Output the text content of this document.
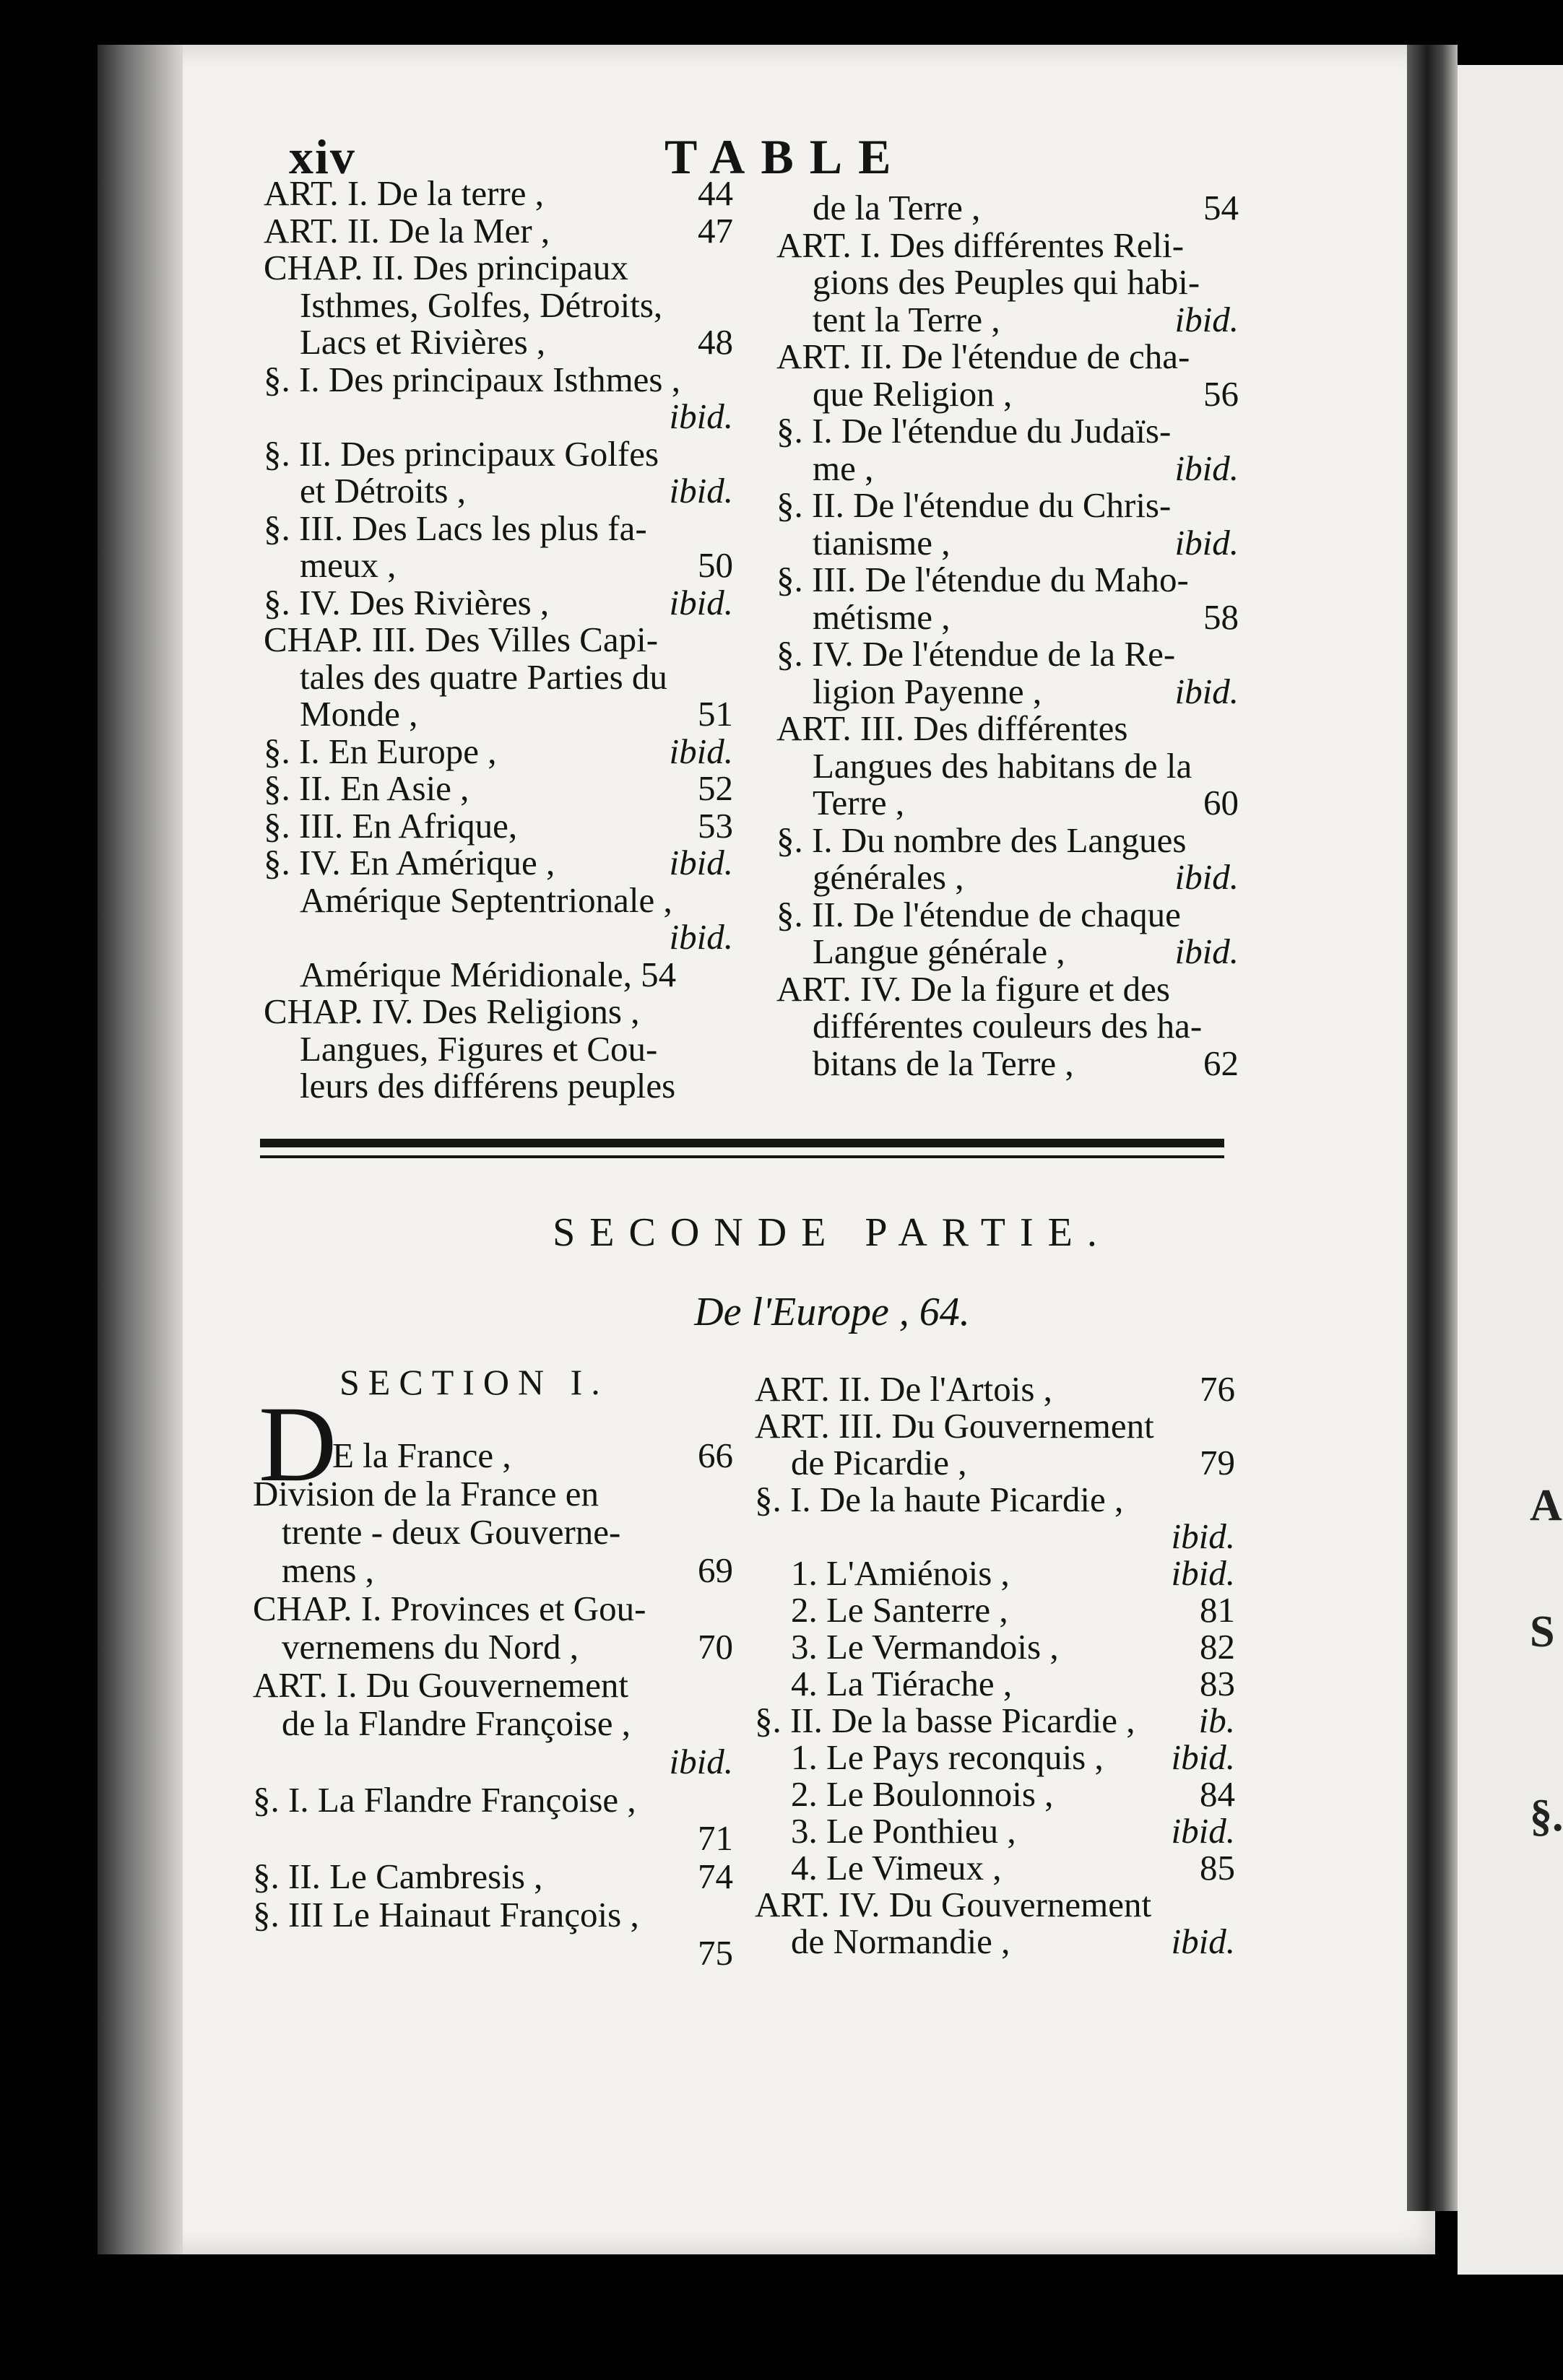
A
S
§.
xiv	TABLE
ART. I. De la terre ,	44
ART. II. De la Mer ,	47
CHAP. II. Des principaux
Isthmes, Golfes, Détroits,
Lacs et Rivières ,	48
§. I. Des principaux Isthmes ,
ibid.
§. II. Des principaux Golfes
et Détroits ,	ibid.
§. III. Des Lacs les plus fa-
meux ,	50
§. IV. Des Rivières ,	ibid.
CHAP. III. Des Villes Capi-
tales des quatre Parties du
Monde ,	51
§. I. En Europe ,	ibid.
§. II. En Asie ,	52
§. III. En Afrique,	53
§. IV. En Amérique ,	ibid.
Amérique Septentrionale ,
ibid.
Amérique Méridionale, 54
CHAP. IV. Des Religions ,
Langues, Figures et Cou-
leurs des différens peuples
de la Terre ,	54
ART. I. Des différentes Reli-
gions des Peuples qui habi-
tent la Terre ,	ibid.
ART. II. De l'étendue de cha-
que Religion ,	56
§. I. De l'étendue du Judaïs-
me ,	ibid.
§. II. De l'étendue du Chris-
tianisme ,	ibid.
§. III. De l'étendue du Maho-
métisme ,	58
§. IV. De l'étendue de la Re-
ligion Payenne ,	ibid.
ART. III. Des différentes
Langues des habitans de la
Terre ,	60
§. I. Du nombre des Langues
générales ,	ibid.
§. II. De l'étendue de chaque
Langue générale ,	ibid.
ART. IV. De la figure et des
différentes couleurs des ha-
bitans de la Terre ,	62
SECONDE PARTIE.
De l'Europe , 64.
SECTION I.
D
E la France ,	66
Division de la France en
trente - deux Gouverne-
mens ,	69
CHAP. I. Provinces et Gou-
vernemens du Nord ,	70
ART. I. Du Gouvernement
de la Flandre Françoise ,
ibid.
§. I. La Flandre Françoise ,
71
§. II. Le Cambresis ,	74
§. III Le Hainaut François ,
75
ART. II. De l'Artois ,	76
ART. III. Du Gouvernement
de Picardie ,	79
§. I. De la haute Picardie ,
ibid.
1. L'Amiénois ,	ibid.
2. Le Santerre ,	81
3. Le Vermandois ,	82
4. La Tiérache ,	83
§. II. De la basse Picardie , ib.
1. Le Pays reconquis , ibid.
2. Le Boulonnois ,	84
3. Le Ponthieu ,	ibid.
4. Le Vimeux ,	85
ART. IV. Du Gouvernement
de Normandie ,	ibid.
